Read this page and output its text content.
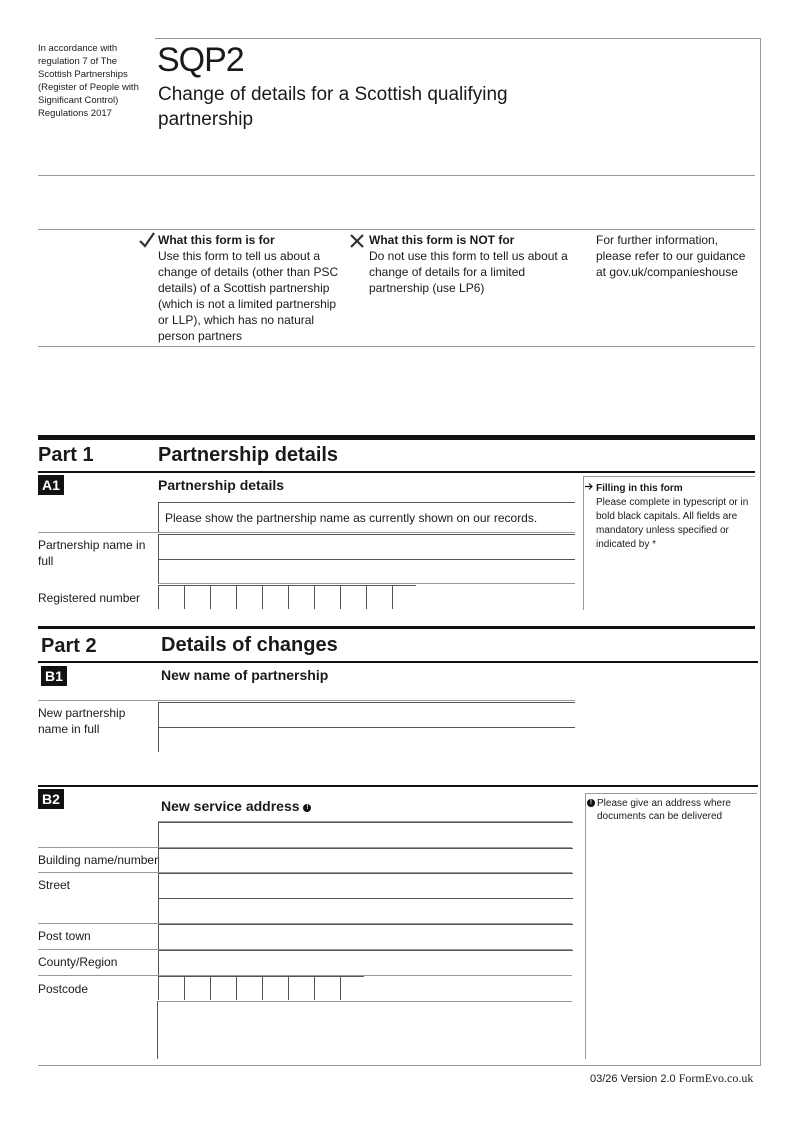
In accordance with regulation 7 of The Scottish Partnerships (Register of People with Significant Control) Regulations 2017
SQP2
Change of details for a Scottish qualifying partnership
What this form is for
Use this form to tell us about a change of details (other than PSC details) of a Scottish partnership (which is not a limited partnership or LLP), which has no natural person partners
What this form is NOT for
Do not use this form to tell us about a change of details for a limited partnership (use LP6)
For further information, please refer to our guidance at gov.uk/companieshouse
Part 1	Partnership details
A1	Partnership details
Please show the partnership name as currently shown on our records.
Partnership name in full
Registered number
Filling in this form
Please complete in typescript or in bold black capitals. All fields are mandatory unless specified or indicated by *
Part 2	Details of changes
B1	New name of partnership
New partnership name in full
B2	New service address !
! Please give an address where documents can be delivered
Building name/number
Street
Post town
County/Region
Postcode
03/26 Version 2.0 FormEvo.co.uk
